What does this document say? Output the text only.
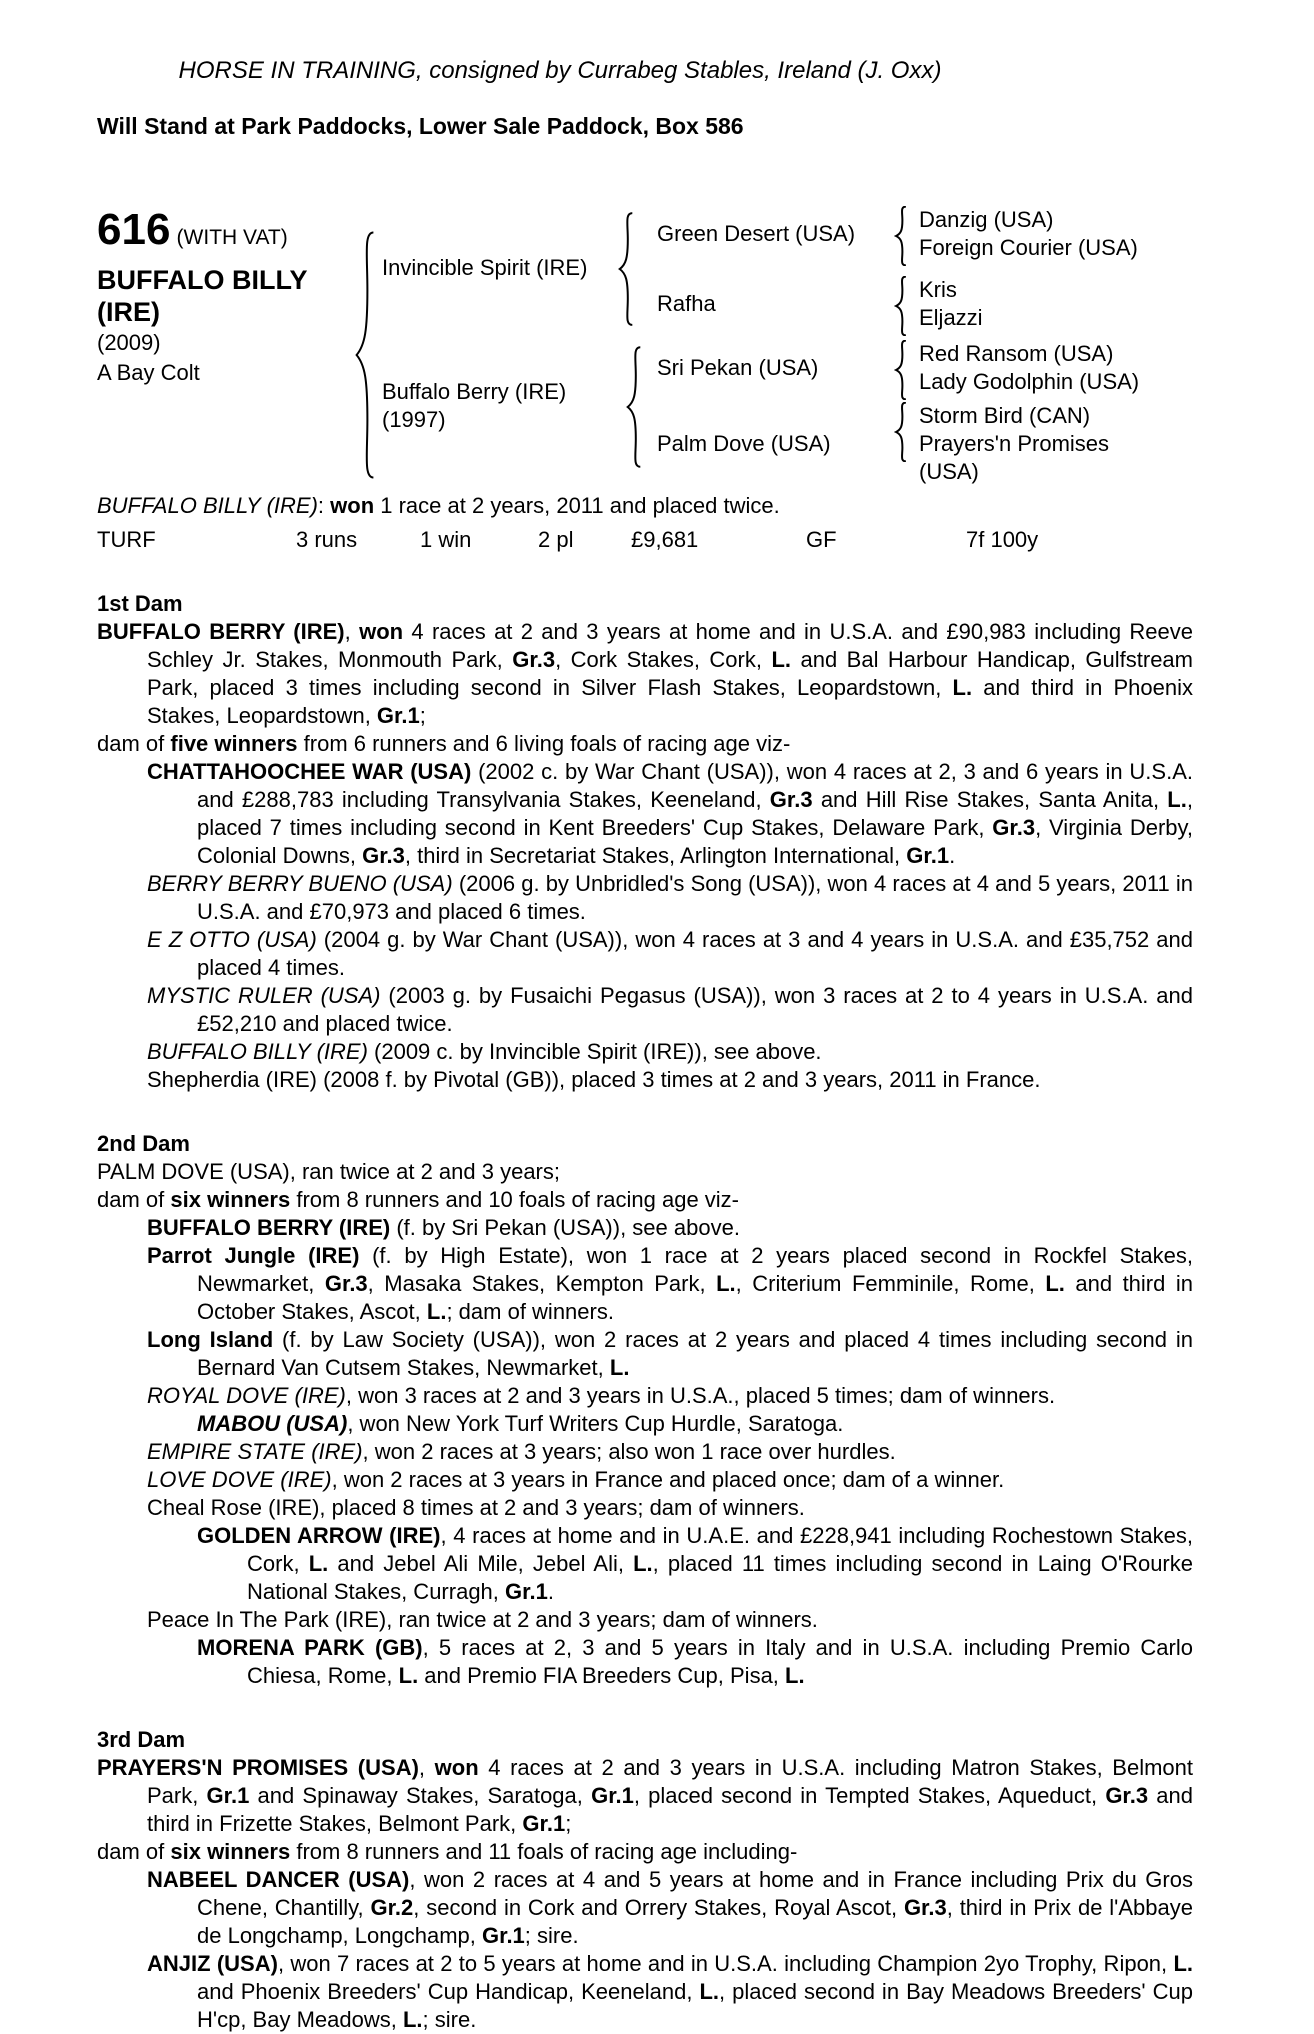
HORSE IN TRAINING, consigned by Currabeg Stables, Ireland (J. Oxx)
Will Stand at Park Paddocks, Lower Sale Paddock, Box 586
616 (WITH VAT)
BUFFALO BILLY
(IRE)
(2009)
A Bay Colt
Invincible Spirit (IRE)
Buffalo Berry (IRE)
(1997)
Green Desert (USA)
Rafha
Sri Pekan (USA)
Palm Dove (USA)
Danzig (USA)
Foreign Courier (USA)
Kris
Eljazzi
Red Ransom (USA)
Lady Godolphin (USA)
Storm Bird (CAN)
Prayers'n Promises (USA)

BUFFALO BILLY (IRE): won 1 race at 2 years, 2011 and placed twice.

TURF	3 runs	1 win	2 pl	£9,681	GF	7f 100y
1st Dam

BUFFALO BERRY (IRE), won 4 races at 2 and 3 years at home and in U.S.A. and £90,983 including Reeve Schley Jr. Stakes, Monmouth Park, Gr.3, Cork Stakes, Cork, L. and Bal Harbour Handicap, Gulfstream Park, placed 3 times including second in Silver Flash Stakes, Leopardstown, L. and third in Phoenix Stakes, Leopardstown, Gr.1;

dam of five winners from 6 runners and 6 living foals of racing age viz-

CHATTAHOOCHEE WAR (USA) (2002 c. by War Chant (USA)), won 4 races at 2, 3 and 6 years in U.S.A. and £288,783 including Transylvania Stakes, Keeneland, Gr.3 and Hill Rise Stakes, Santa Anita, L., placed 7 times including second in Kent Breeders' Cup Stakes, Delaware Park, Gr.3, Virginia Derby, Colonial Downs, Gr.3, third in Secretariat Stakes, Arlington International, Gr.1.

BERRY BERRY BUENO (USA) (2006 g. by Unbridled's Song (USA)), won 4 races at 4 and 5 years, 2011 in U.S.A. and £70,973 and placed 6 times.

E Z OTTO (USA) (2004 g. by War Chant (USA)), won 4 races at 3 and 4 years in U.S.A. and £35,752 and placed 4 times.

MYSTIC RULER (USA) (2003 g. by Fusaichi Pegasus (USA)), won 3 races at 2 to 4 years in U.S.A. and £52,210 and placed twice.

BUFFALO BILLY (IRE) (2009 c. by Invincible Spirit (IRE)), see above.

Shepherdia (IRE) (2008 f. by Pivotal (GB)), placed 3 times at 2 and 3 years, 2011 in France.

2nd Dam

PALM DOVE (USA), ran twice at 2 and 3 years;

dam of six winners from 8 runners and 10 foals of racing age viz-

BUFFALO BERRY (IRE) (f. by Sri Pekan (USA)), see above.

Parrot Jungle (IRE) (f. by High Estate), won 1 race at 2 years placed second in Rockfel Stakes, Newmarket, Gr.3, Masaka Stakes, Kempton Park, L., Criterium Femminile, Rome, L. and third in October Stakes, Ascot, L.; dam of winners.

Long Island (f. by Law Society (USA)), won 2 races at 2 years and placed 4 times including second in Bernard Van Cutsem Stakes, Newmarket, L.

ROYAL DOVE (IRE), won 3 races at 2 and 3 years in U.S.A., placed 5 times; dam of winners.

MABOU (USA), won New York Turf Writers Cup Hurdle, Saratoga.

EMPIRE STATE (IRE), won 2 races at 3 years; also won 1 race over hurdles.

LOVE DOVE (IRE), won 2 races at 3 years in France and placed once; dam of a winner.

Cheal Rose (IRE), placed 8 times at 2 and 3 years; dam of winners.

GOLDEN ARROW (IRE), 4 races at home and in U.A.E. and £228,941 including Rochestown Stakes, Cork, L. and Jebel Ali Mile, Jebel Ali, L., placed 11 times including second in Laing O'Rourke National Stakes, Curragh, Gr.1.

Peace In The Park (IRE), ran twice at 2 and 3 years; dam of winners.

MORENA PARK (GB), 5 races at 2, 3 and 5 years in Italy and in U.S.A. including Premio Carlo Chiesa, Rome, L. and Premio FIA Breeders Cup, Pisa, L.

3rd Dam

PRAYERS'N PROMISES (USA), won 4 races at 2 and 3 years in U.S.A. including Matron Stakes, Belmont Park, Gr.1 and Spinaway Stakes, Saratoga, Gr.1, placed second in Tempted Stakes, Aqueduct, Gr.3 and third in Frizette Stakes, Belmont Park, Gr.1;

dam of six winners from 8 runners and 11 foals of racing age including-

NABEEL DANCER (USA), won 2 races at 4 and 5 years at home and in France including Prix du Gros Chene, Chantilly, Gr.2, second in Cork and Orrery Stakes, Royal Ascot, Gr.3, third in Prix de l'Abbaye de Longchamp, Longchamp, Gr.1; sire.

ANJIZ (USA), won 7 races at 2 to 5 years at home and in U.S.A. including Champion 2yo Trophy, Ripon, L. and Phoenix Breeders' Cup Handicap, Keeneland, L., placed second in Bay Meadows Breeders' Cup H'cp, Bay Meadows, L.; sire.
